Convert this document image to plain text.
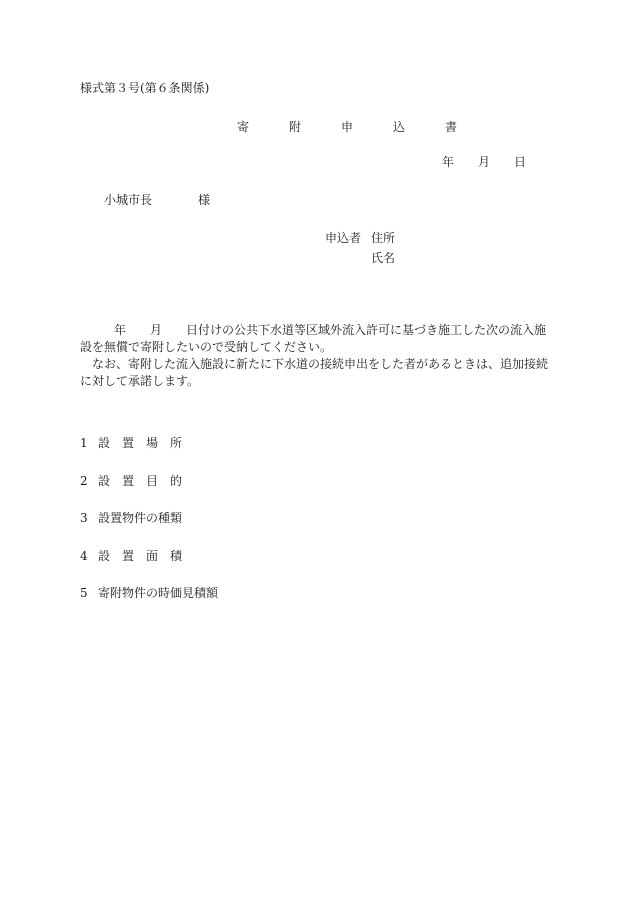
様式第３号(第６条関係)
寄　附　申　込　書
年 月 日
小城市長	様
申込者 住所
氏名

年　　月　　日付けの公共下水道等区域外流入許可に基づき施工した次の流入施設を無償で寄附したいので受納してください。

なお、寄附した流入施設に新たに下水道の接続申出をした者があるときは、追加接続に対して承諾します。

1 設　置　場　所
2 設　置　目　的
3 設置物件の種類
4 設　置　面　積
5 寄附物件の時価見積額
